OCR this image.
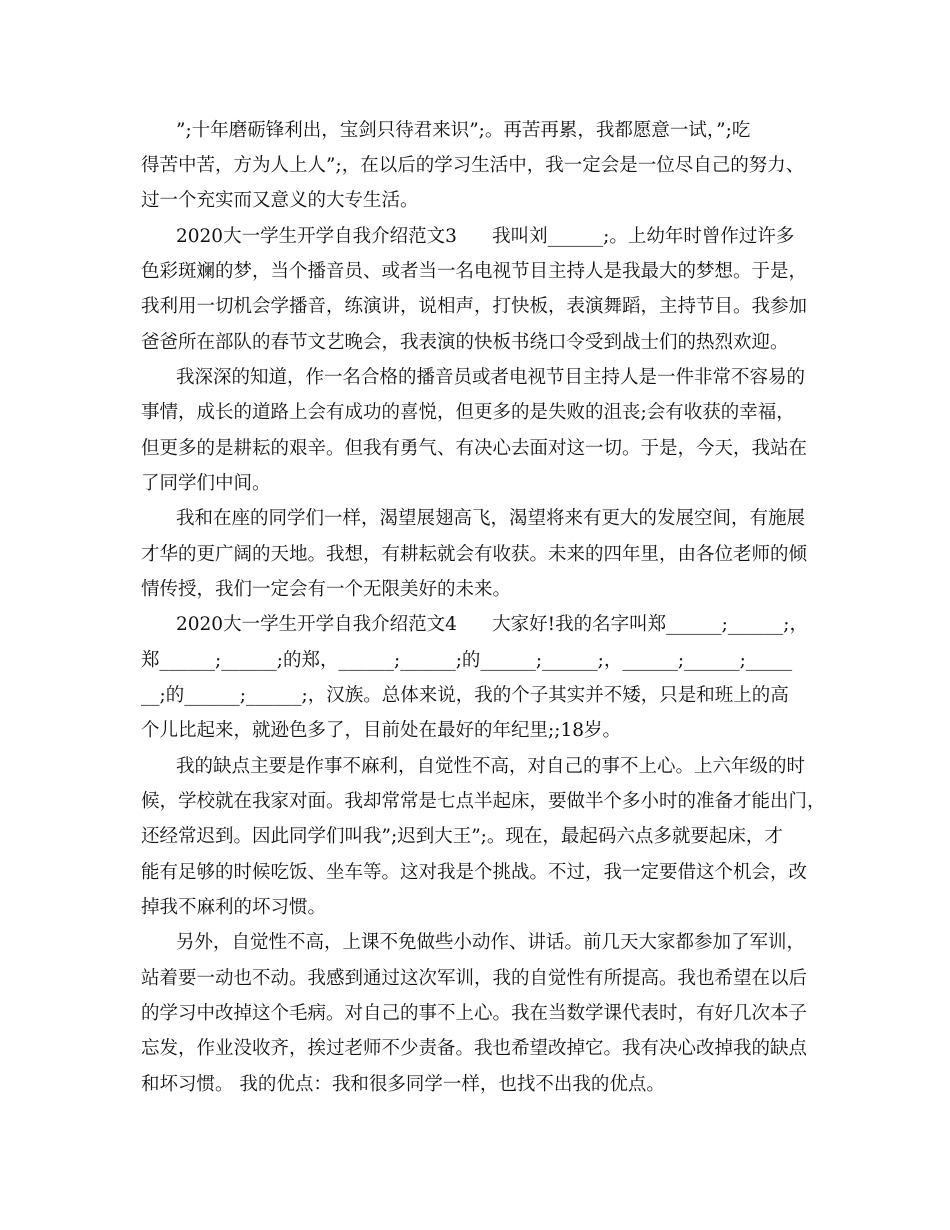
”;十年磨砺锋利出，宝剑只待君来识”;。再苦再累，我都愿意一试，”;吃
得苦中苦，方为人上人”;，在以后的学习生活中，我一定会是一位尽自己的努力、
过一个充实而又意义的大专生活。
2020大一学生开学自我介绍范文3      我叫刘______;。上幼年时曾作过许多
色彩斑斓的梦，当个播音员、或者当一名电视节目主持人是我最大的梦想。于是，
我利用一切机会学播音，练演讲，说相声，打快板，表演舞蹈，主持节目。我参加
爸爸所在部队的春节文艺晚会，我表演的快板书绕口令受到战士们的热烈欢迎。
我深深的知道，作一名合格的播音员或者电视节目主持人是一件非常不容易的
事情，成长的道路上会有成功的喜悦，但更多的是失败的沮丧;会有收获的幸福，
但更多的是耕耘的艰辛。但我有勇气、有决心去面对这一切。于是，今天，我站在
了同学们中间。
我和在座的同学们一样，渴望展翅高飞，渴望将来有更大的发展空间，有施展
才华的更广阔的天地。我想，有耕耘就会有收获。未来的四年里，由各位老师的倾
情传授，我们一定会有一个无限美好的未来。
2020大一学生开学自我介绍范文4      大家好!我的名字叫郑______;______;，
郑______;______;的郑，______;______;的______;______;，______;______;_____
__;的______;______;，汉族。总体来说，我的个子其实并不矮，只是和班上的高
个儿比起来，就逊色多了，目前处在最好的年纪里;;18岁。
我的缺点主要是作事不麻利，自觉性不高，对自己的事不上心。上六年级的时
候，学校就在我家对面。我却常常是七点半起床，要做半个多小时的准备才能出门，
还经常迟到。因此同学们叫我”;迟到大王”;。现在，最起码六点多就要起床，才
能有足够的时候吃饭、坐车等。这对我是个挑战。不过，我一定要借这个机会，改
掉我不麻利的坏习惯。
另外，自觉性不高，上课不免做些小动作、讲话。前几天大家都参加了军训，
站着要一动也不动。我感到通过这次军训，我的自觉性有所提高。我也希望在以后
的学习中改掉这个毛病。对自己的事不上心。我在当数学课代表时，有好几次本子
忘发，作业没收齐，挨过老师不少责备。我也希望改掉它。我有决心改掉我的缺点
和坏习惯。 我的优点：我和很多同学一样，也找不出我的优点。
